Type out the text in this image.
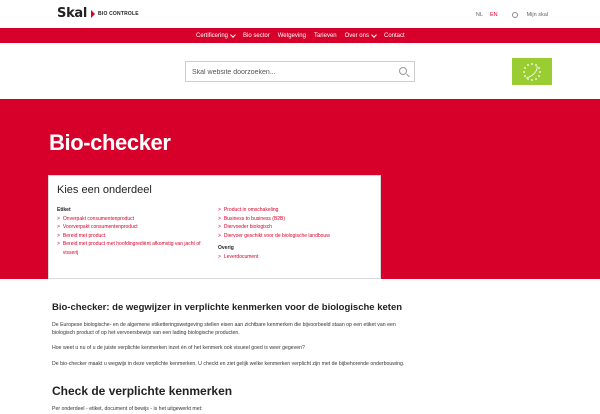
Skal BIO CONTROLE	NL EN	Mijn skal
Certificering	Bio sector Wetgeving Tarieven Over ons	Contact
Skal website doorzoeken...
Bio-checker
Kies een onderdeel
Etiket
> Onverpakt consumentenproduct
> Voorverpakt consumentenproduct
> Bereid met product
> Bereid met product met hoofdingrediënt afkomstig van jacht of visserij
> Product in omschakeling
> Business to business (B2B)
> Diervoeder biologisch
> Diervoer geschikt voor de biologische landbouw
Overig
> Leverdocument
Bio-checker: de wegwijzer in verplichte kenmerken voor de biologische keten
De Europese biologische- en de algemene etiketteringswetgeving stellen eisen aan zichtbare kenmerken die bijvoorbeeld staan op een etiket van een biologisch product of op het vervoersbewijs van een lading biologische producten.
Hoe weet u nu of u de juiste verplichte kenmerken inzet én of het kenmerk ook visueel goed is weer gegeven?
De bio-checker maakt u wegwijs in deze verplichte kenmerken. U checkt en ziet gelijk welke kenmerken verplicht zijn met de bijbehorende onderbouwing.
Check de verplichte kenmerken
Per onderdeel - etiket, document of bewijs - is het uitgewerkt met:
